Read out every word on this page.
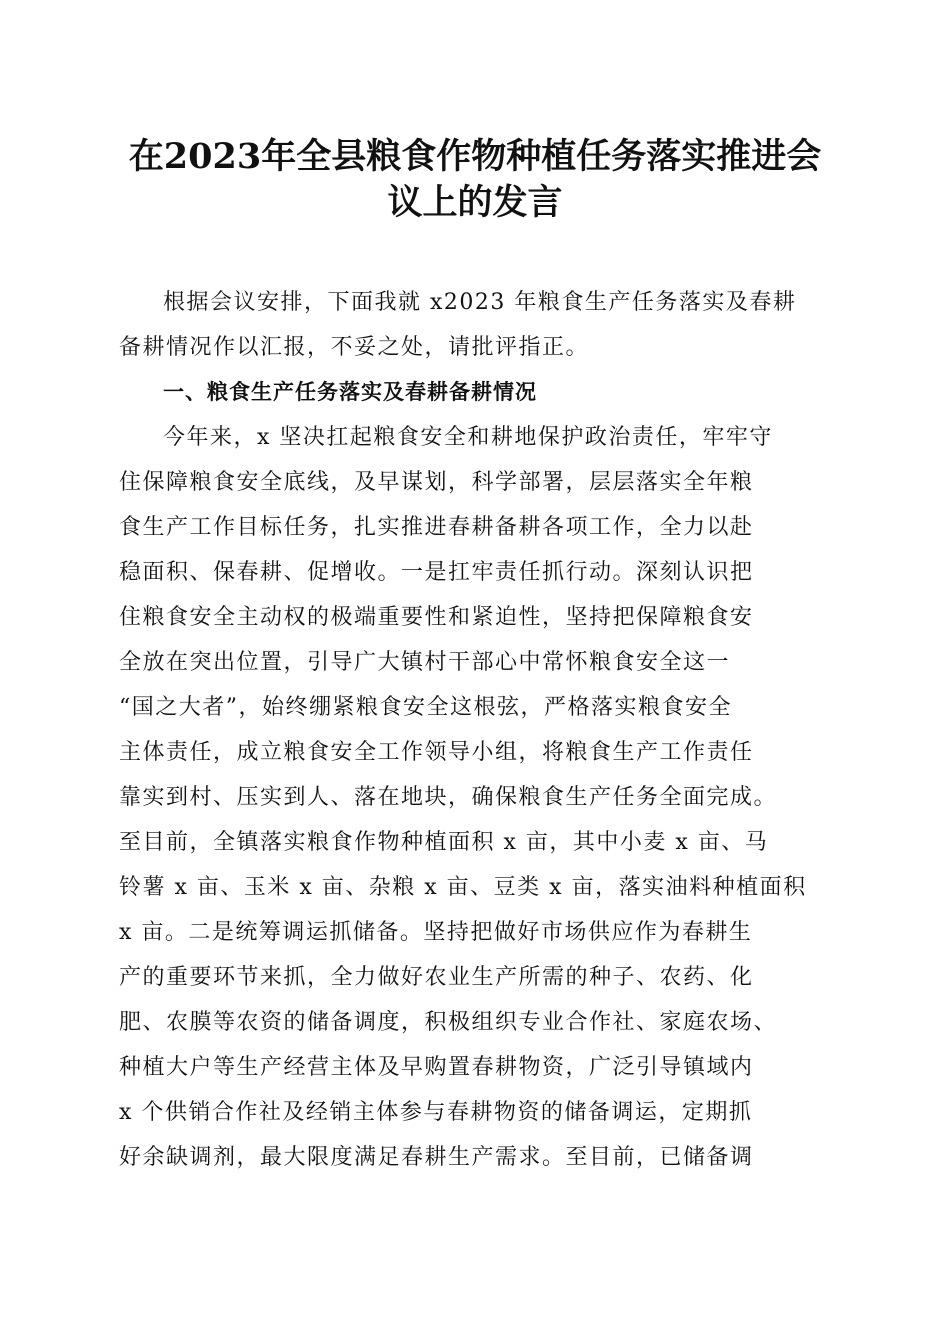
在2023年全县粮食作物种植任务落实推进会
议上的发言
根据会议安排，下面我就 x2023 年粮食生产任务落实及春耕
备耕情况作以汇报，不妥之处，请批评指正。
一、粮食生产任务落实及春耕备耕情况
今年来，x 坚决扛起粮食安全和耕地保护政治责任，牢牢守
住保障粮食安全底线，及早谋划，科学部署，层层落实全年粮
食生产工作目标任务，扎实推进春耕备耕各项工作，全力以赴
稳面积、保春耕、促增收。一是扛牢责任抓行动。深刻认识把
住粮食安全主动权的极端重要性和紧迫性，坚持把保障粮食安
全放在突出位置，引导广大镇村干部心中常怀粮食安全这一
“国之大者”，始终绷紧粮食安全这根弦，严格落实粮食安全
主体责任，成立粮食安全工作领导小组，将粮食生产工作责任
靠实到村、压实到人、落在地块，确保粮食生产任务全面完成。
至目前，全镇落实粮食作物种植面积 x 亩，其中小麦 x 亩、马
铃薯 x 亩、玉米 x 亩、杂粮 x 亩、豆类 x 亩，落实油料种植面积
x 亩。二是统筹调运抓储备。坚持把做好市场供应作为春耕生
产的重要环节来抓，全力做好农业生产所需的种子、农药、化
肥、农膜等农资的储备调度，积极组织专业合作社、家庭农场、
种植大户等生产经营主体及早购置春耕物资，广泛引导镇域内
x 个供销合作社及经销主体参与春耕物资的储备调运，定期抓
好余缺调剂，最大限度满足春耕生产需求。至目前，已储备调
